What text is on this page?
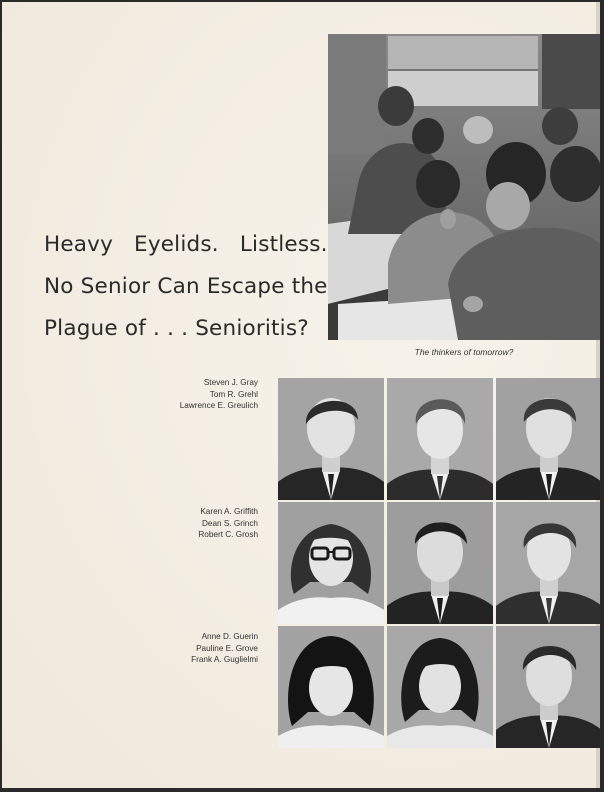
Heavy Eyelids. Listless.
No Senior Can Escape the
Plague of . . . Senioritis?
The thinkers of tomorrow?
Steven J. Gray
Tom R. Grehl
Lawrence E. Greulich
Karen A. Griffith
Dean S. Grinch
Robert C. Grosh
Anne D. Guerin
Pauline E. Grove
Frank A. Guglielmi
